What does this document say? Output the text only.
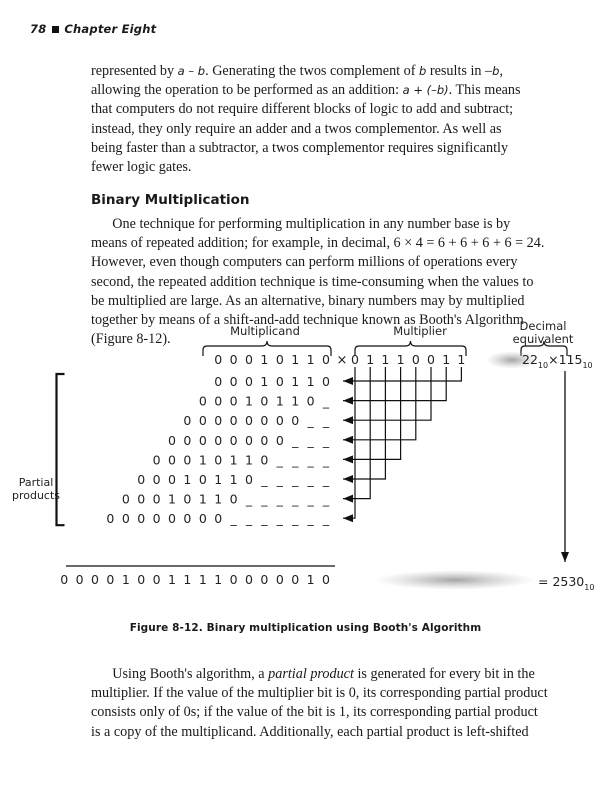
78 Chapter Eight
represented by a – b. Generating the twos complement of b results in –b,
allowing the operation to be performed as an addition: a + (–b). This means
that computers do not require different blocks of logic to add and subtract;
instead, they only require an adder and a twos complementor. As well as
being faster than a subtractor, a twos complementor requires significantly
fewer logic gates.
Binary Multiplication
One technique for performing multiplication in any number base is by
means of repeated addition; for example, in decimal, 6 × 4 = 6 + 6 + 6 + 6 = 24.
However, even though computers can perform millions of operations every
second, the repeated addition technique is time-consuming when the values to
be multiplied are large. As an alternative, binary numbers may by multiplied
together by means of a shift-and-add technique known as Booth's Algorithm
(Figure 8-12).
Multiplicand	Multiplier	Decimal
equivalent
Partial
products
0 0 0 1 0 1 1 0 × 0 1 1 1 0 0 1 1
0 0 0 1 0 1 1 0
0 0 0 1 0 1 1 0 _
0 0 0 0 0 0 0 0 _ _
0 0 0 0 0 0 0 0 _ _ _
0 0 0 1 0 1 1 0 _ _ _ _
0 0 0 1 0 1 1 0 _ _ _ _ _
0 0 0 1 0 1 1 0 _ _ _ _ _ _
0 0 0 0 0 0 0 0 _ _ _ _ _ _ _
0 0 0 0 1 0 0 1 1 1 1 0 0 0 0 0 1 0
$22_{10}\times 115_{10}$
= $2530_{10}$
Figure 8-12. Binary multiplication using Booth's Algorithm
Using Booth's algorithm, a partial product is generated for every bit in the
multiplier. If the value of the multiplier bit is 0, its corresponding partial product
consists only of 0s; if the value of the bit is 1, its corresponding partial product
is a copy of the multiplicand. Additionally, each partial product is left-shifted
